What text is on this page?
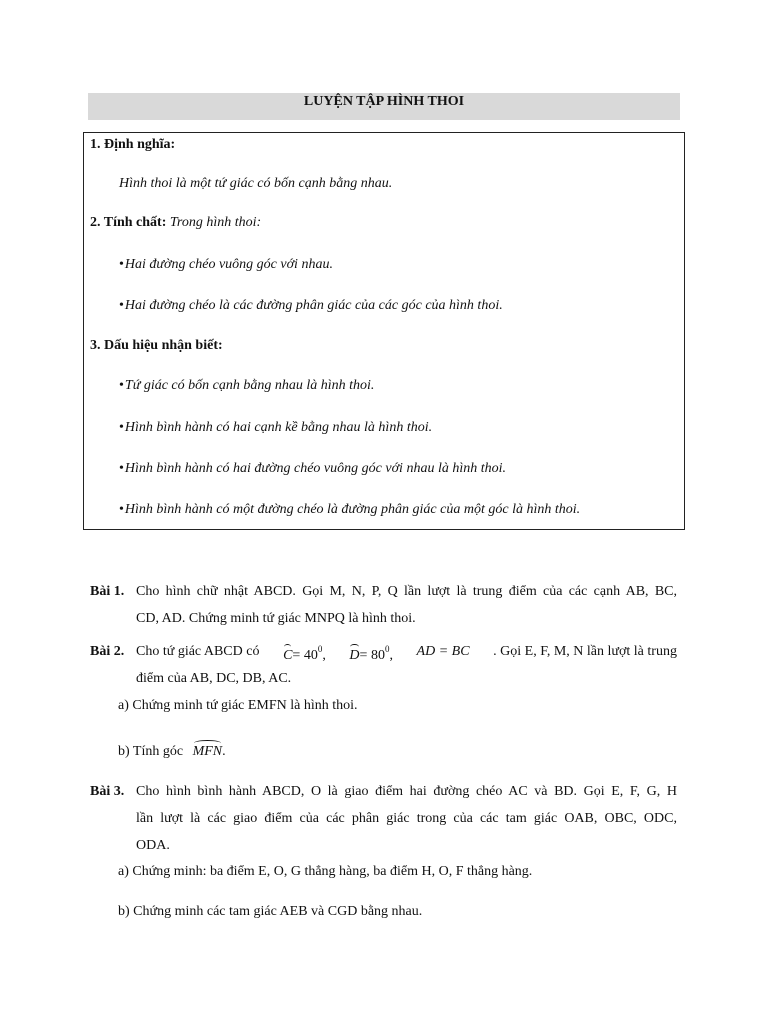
LUYỆN TẬP HÌNH THOI
1. Định nghĩa:
Hình thoi là một tứ giác có bốn cạnh bằng nhau.
2. Tính chất: Trong hình thoi:
•Hai đường chéo vuông góc với nhau.
•Hai đường chéo là các đường phân giác của các góc của hình thoi.
3. Dấu hiệu nhận biết:
•Tứ giác có bốn cạnh bằng nhau là hình thoi.
•Hình bình hành có hai cạnh kề bằng nhau là hình thoi.
•Hình bình hành có hai đường chéo vuông góc với nhau là hình thoi.
•Hình bình hành có một đường chéo là đường phân giác của một góc là hình thoi.
Bài 1. Cho hình chữ nhật ABCD. Gọi M, N, P, Q lần lượt là trung điểm của các cạnh AB, BC,
CD, AD. Chứng minh tứ giác MNPQ là hình thoi.
Bài 2. Cho tứ giác ABCD có $C= 40^0$, $D= 80^0$, AD = BC . Gọi E, F, M, N lần lượt là trung
điểm của AB, DC, DB, AC.
a) Chứng minh tứ giác EMFN là hình thoi.
b) Tính góc MFN.
Bài 3. Cho hình bình hành ABCD, O là giao điểm hai đường chéo AC và BD. Gọi E, F, G, H
lần lượt là các giao điểm của các phân giác trong của các tam giác OAB, OBC, ODC,
ODA.
a) Chứng minh: ba điểm E, O, G thẳng hàng, ba điểm H, O, F thẳng hàng.
b) Chứng minh các tam giác AEB và CGD bằng nhau.
